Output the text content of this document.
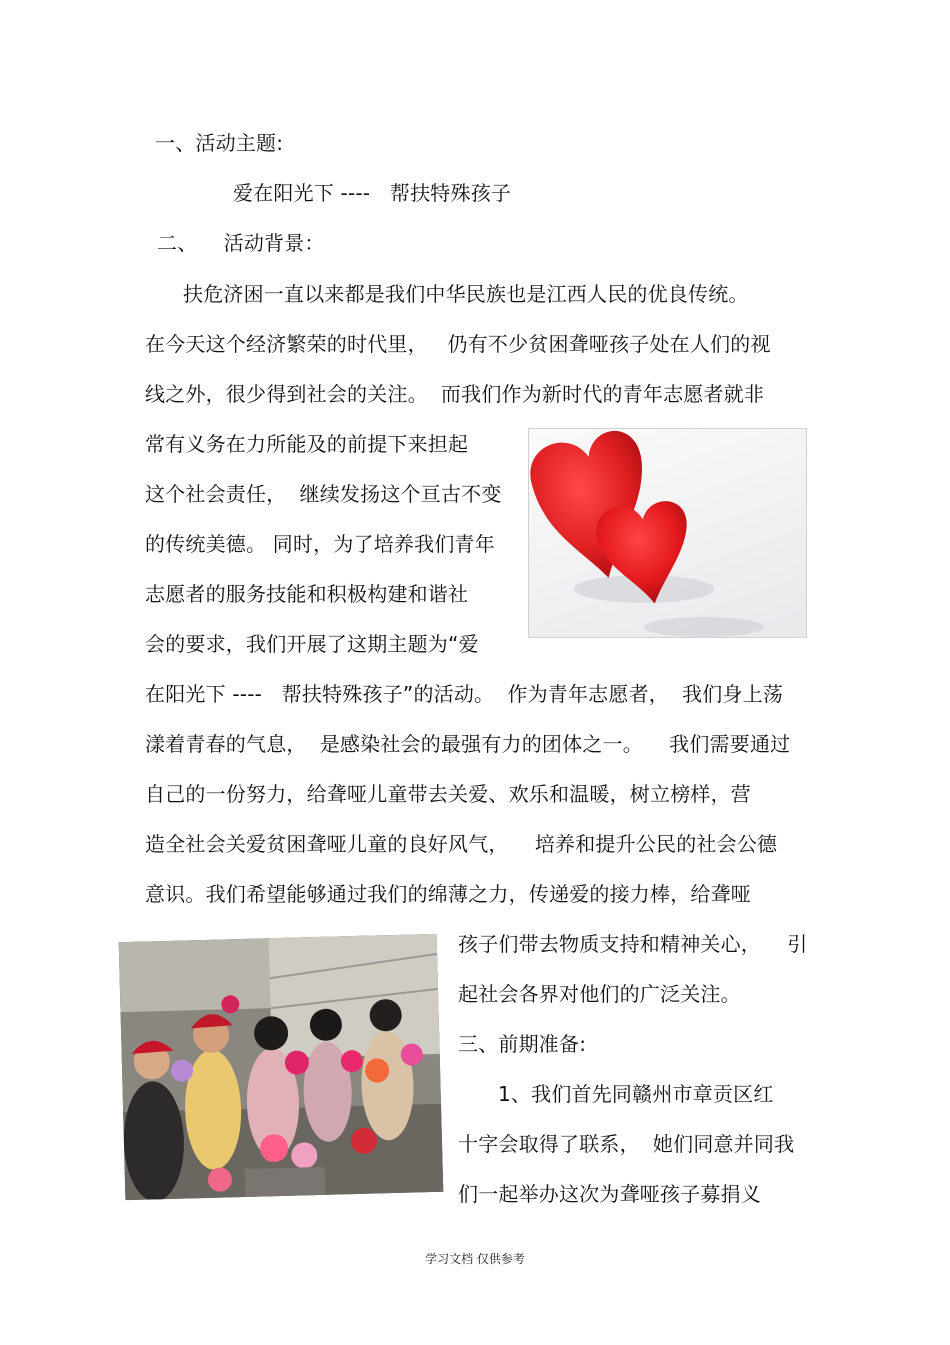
一、活动主题:
爱在阳光下 ----   帮扶特殊孩子
二、    活动背景：
扶危济困一直以来都是我们中华民族也是江西人民的优良传统。
在今天这个经济繁荣的时代里，   仍有不少贫困聋哑孩子处在人们的视
线之外，很少得到社会的关注。  而我们作为新时代的青年志愿者就非
常有义务在力所能及的前提下来担起
这个社会责任，  继续发扬这个亘古不变
的传统美德。 同时，为了培养我们青年
志愿者的服务技能和积极构建和谐社
会的要求，我们开展了这期主题为“爱
在阳光下 ----   帮扶特殊孩子”的活动。  作为青年志愿者，  我们身上荡
漾着青春的气息，  是感染社会的最强有力的团体之一。    我们需要通过
自己的一份努力，给聋哑儿童带去关爱、欢乐和温暖，树立榜样，营
造全社会关爱贫困聋哑儿童的良好风气，    培养和提升公民的社会公德
意识。我们希望能够通过我们的绵薄之力，传递爱的接力棒，给聋哑
孩子们带去物质支持和精神关心，    引
起社会各界对他们的广泛关注。
三、前期准备:
1、我们首先同赣州市章贡区红
十字会取得了联系，  她们同意并同我
们一起举办这次为聋哑孩子募捐义
学习文档 仅供参考
